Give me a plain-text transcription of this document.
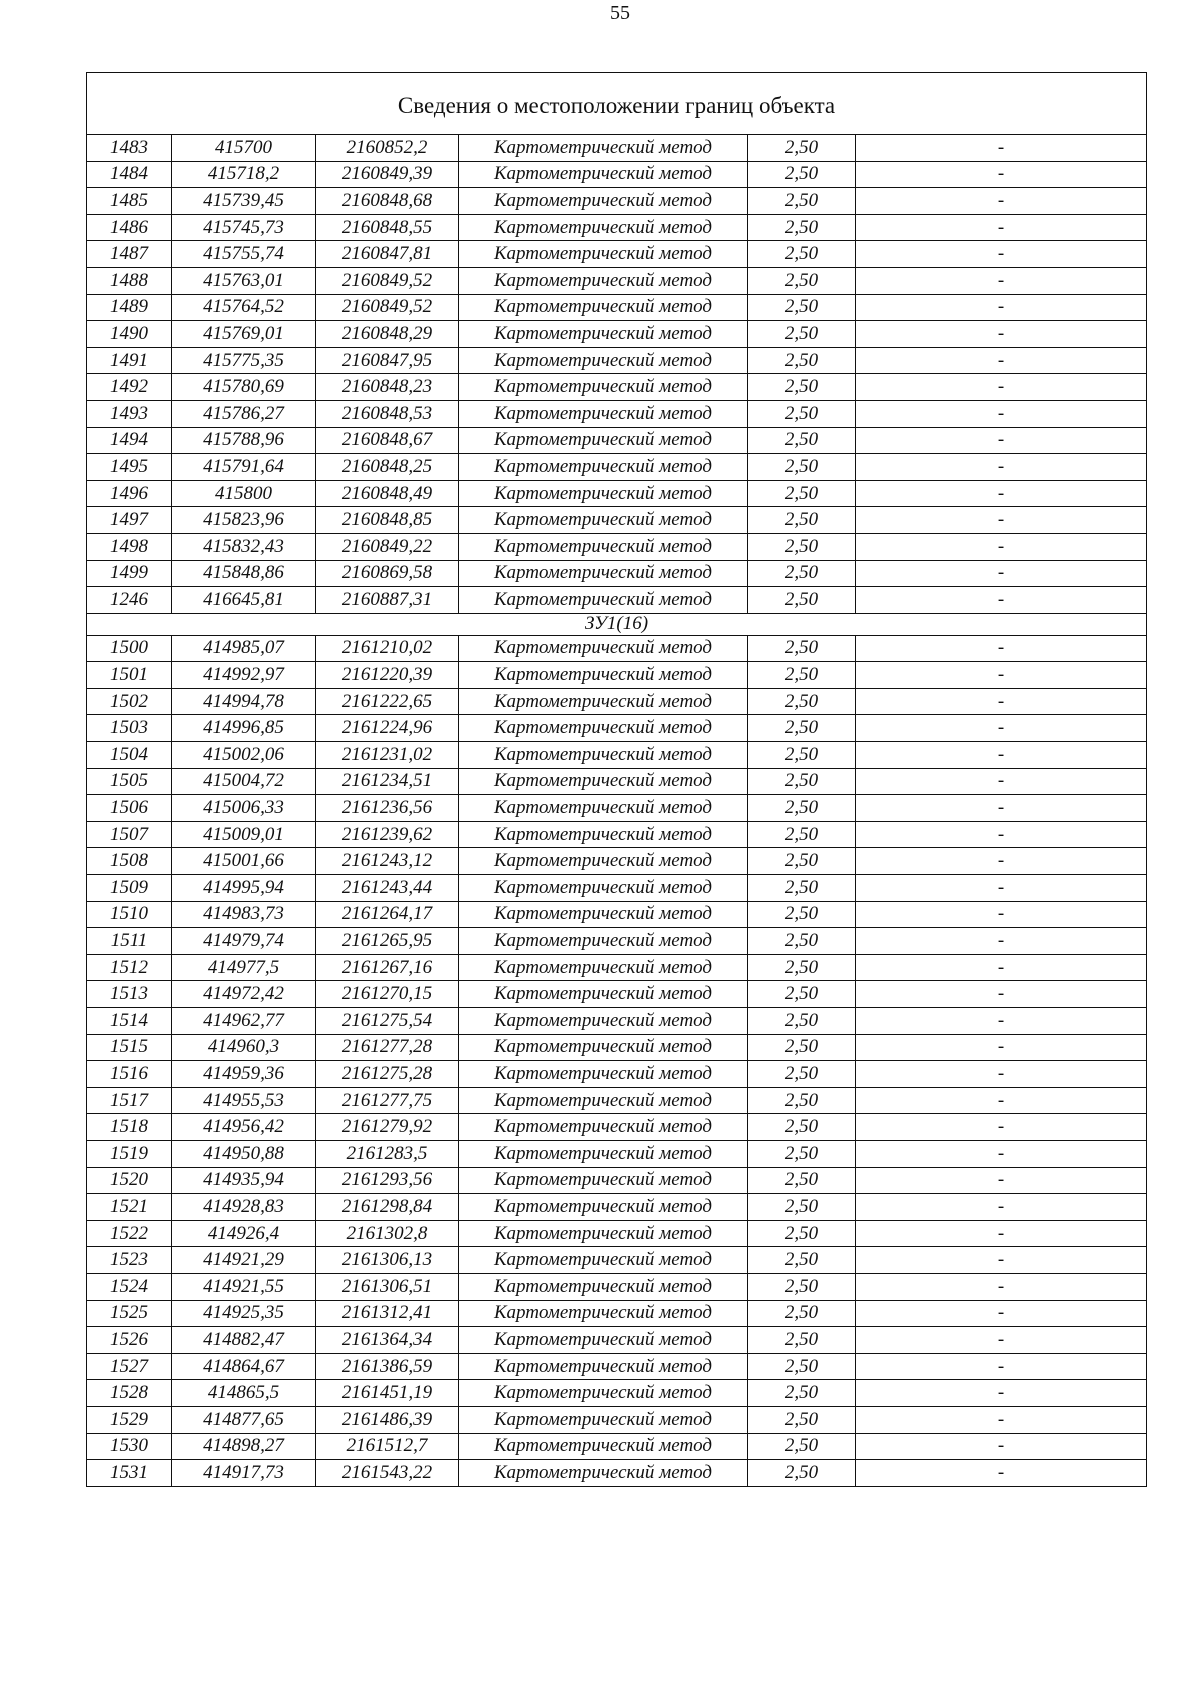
55
Сведения о местоположении границ объекта					
1483	415700	2160852,2	Картометрический метод	2,50	-
1484	415718,2	2160849,39	Картометрический метод	2,50	-
1485	415739,45	2160848,68	Картометрический метод	2,50	-
1486	415745,73	2160848,55	Картометрический метод	2,50	-
1487	415755,74	2160847,81	Картометрический метод	2,50	-
1488	415763,01	2160849,52	Картометрический метод	2,50	-
1489	415764,52	2160849,52	Картометрический метод	2,50	-
1490	415769,01	2160848,29	Картометрический метод	2,50	-
1491	415775,35	2160847,95	Картометрический метод	2,50	-
1492	415780,69	2160848,23	Картометрический метод	2,50	-
1493	415786,27	2160848,53	Картометрический метод	2,50	-
1494	415788,96	2160848,67	Картометрический метод	2,50	-
1495	415791,64	2160848,25	Картометрический метод	2,50	-
1496	415800	2160848,49	Картометрический метод	2,50	-
1497	415823,96	2160848,85	Картометрический метод	2,50	-
1498	415832,43	2160849,22	Картометрический метод	2,50	-
1499	415848,86	2160869,58	Картометрический метод	2,50	-
1246	416645,81	2160887,31	Картометрический метод	2,50	-
ЗУ1(16)					
1500	414985,07	2161210,02	Картометрический метод	2,50	-
1501	414992,97	2161220,39	Картометрический метод	2,50	-
1502	414994,78	2161222,65	Картометрический метод	2,50	-
1503	414996,85	2161224,96	Картометрический метод	2,50	-
1504	415002,06	2161231,02	Картометрический метод	2,50	-
1505	415004,72	2161234,51	Картометрический метод	2,50	-
1506	415006,33	2161236,56	Картометрический метод	2,50	-
1507	415009,01	2161239,62	Картометрический метод	2,50	-
1508	415001,66	2161243,12	Картометрический метод	2,50	-
1509	414995,94	2161243,44	Картометрический метод	2,50	-
1510	414983,73	2161264,17	Картометрический метод	2,50	-
1511	414979,74	2161265,95	Картометрический метод	2,50	-
1512	414977,5	2161267,16	Картометрический метод	2,50	-
1513	414972,42	2161270,15	Картометрический метод	2,50	-
1514	414962,77	2161275,54	Картометрический метод	2,50	-
1515	414960,3	2161277,28	Картометрический метод	2,50	-
1516	414959,36	2161275,28	Картометрический метод	2,50	-
1517	414955,53	2161277,75	Картометрический метод	2,50	-
1518	414956,42	2161279,92	Картометрический метод	2,50	-
1519	414950,88	2161283,5	Картометрический метод	2,50	-
1520	414935,94	2161293,56	Картометрический метод	2,50	-
1521	414928,83	2161298,84	Картометрический метод	2,50	-
1522	414926,4	2161302,8	Картометрический метод	2,50	-
1523	414921,29	2161306,13	Картометрический метод	2,50	-
1524	414921,55	2161306,51	Картометрический метод	2,50	-
1525	414925,35	2161312,41	Картометрический метод	2,50	-
1526	414882,47	2161364,34	Картометрический метод	2,50	-
1527	414864,67	2161386,59	Картометрический метод	2,50	-
1528	414865,5	2161451,19	Картометрический метод	2,50	-
1529	414877,65	2161486,39	Картометрический метод	2,50	-
1530	414898,27	2161512,7	Картометрический метод	2,50	-
1531	414917,73	2161543,22	Картометрический метод	2,50	-
